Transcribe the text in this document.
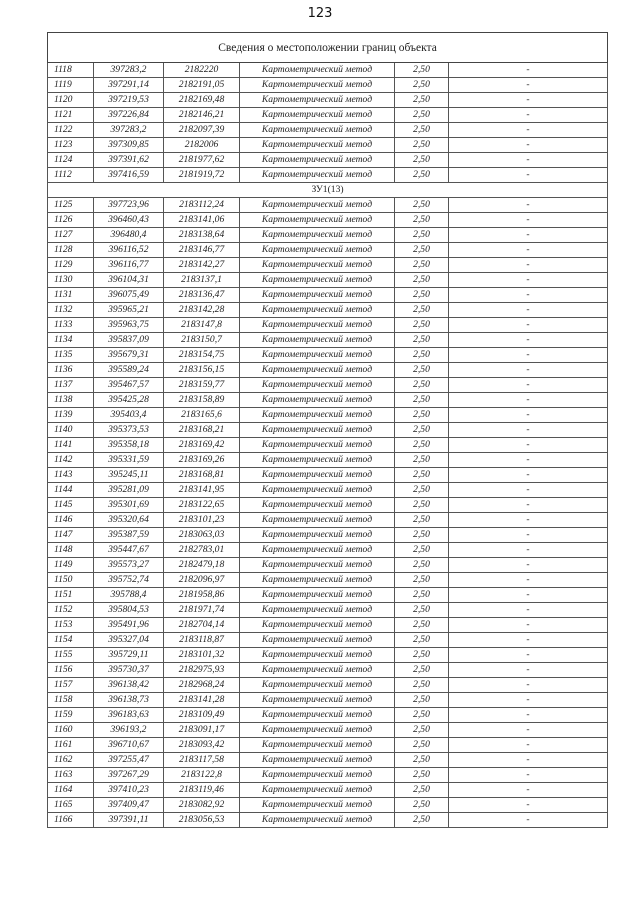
123
Сведения о местоположении границ объекта					
1118	397283,2	2182220	Картометрический метод	2,50	-
1119	397291,14	2182191,05	Картометрический метод	2,50	-
1120	397219,53	2182169,48	Картометрический метод	2,50	-
1121	397226,84	2182146,21	Картометрический метод	2,50	-
1122	397283,2	2182097,39	Картометрический метод	2,50	-
1123	397309,85	2182006	Картометрический метод	2,50	-
1124	397391,62	2181977,62	Картометрический метод	2,50	-
1112	397416,59	2181919,72	Картометрический метод	2,50	-
ЗУ1(13)					
1125	397723,96	2183112,24	Картометрический метод	2,50	-
1126	396460,43	2183141,06	Картометрический метод	2,50	-
1127	396480,4	2183138,64	Картометрический метод	2,50	-
1128	396116,52	2183146,77	Картометрический метод	2,50	-
1129	396116,77	2183142,27	Картометрический метод	2,50	-
1130	396104,31	2183137,1	Картометрический метод	2,50	-
1131	396075,49	2183136,47	Картометрический метод	2,50	-
1132	395965,21	2183142,28	Картометрический метод	2,50	-
1133	395963,75	2183147,8	Картометрический метод	2,50	-
1134	395837,09	2183150,7	Картометрический метод	2,50	-
1135	395679,31	2183154,75	Картометрический метод	2,50	-
1136	395589,24	2183156,15	Картометрический метод	2,50	-
1137	395467,57	2183159,77	Картометрический метод	2,50	-
1138	395425,28	2183158,89	Картометрический метод	2,50	-
1139	395403,4	2183165,6	Картометрический метод	2,50	-
1140	395373,53	2183168,21	Картометрический метод	2,50	-
1141	395358,18	2183169,42	Картометрический метод	2,50	-
1142	395331,59	2183169,26	Картометрический метод	2,50	-
1143	395245,11	2183168,81	Картометрический метод	2,50	-
1144	395281,09	2183141,95	Картометрический метод	2,50	-
1145	395301,69	2183122,65	Картометрический метод	2,50	-
1146	395320,64	2183101,23	Картометрический метод	2,50	-
1147	395387,59	2183063,03	Картометрический метод	2,50	-
1148	395447,67	2182783,01	Картометрический метод	2,50	-
1149	395573,27	2182479,18	Картометрический метод	2,50	-
1150	395752,74	2182096,97	Картометрический метод	2,50	-
1151	395788,4	2181958,86	Картометрический метод	2,50	-
1152	395804,53	2181971,74	Картометрический метод	2,50	-
1153	395491,96	2182704,14	Картометрический метод	2,50	-
1154	395327,04	2183118,87	Картометрический метод	2,50	-
1155	395729,11	2183101,32	Картометрический метод	2,50	-
1156	395730,37	2182975,93	Картометрический метод	2,50	-
1157	396138,42	2182968,24	Картометрический метод	2,50	-
1158	396138,73	2183141,28	Картометрический метод	2,50	-
1159	396183,63	2183109,49	Картометрический метод	2,50	-
1160	396193,2	2183091,17	Картометрический метод	2,50	-
1161	396710,67	2183093,42	Картометрический метод	2,50	-
1162	397255,47	2183117,58	Картометрический метод	2,50	-
1163	397267,29	2183122,8	Картометрический метод	2,50	-
1164	397410,23	2183119,46	Картометрический метод	2,50	-
1165	397409,47	2183082,92	Картометрический метод	2,50	-
1166	397391,11	2183056,53	Картометрический метод	2,50	-
